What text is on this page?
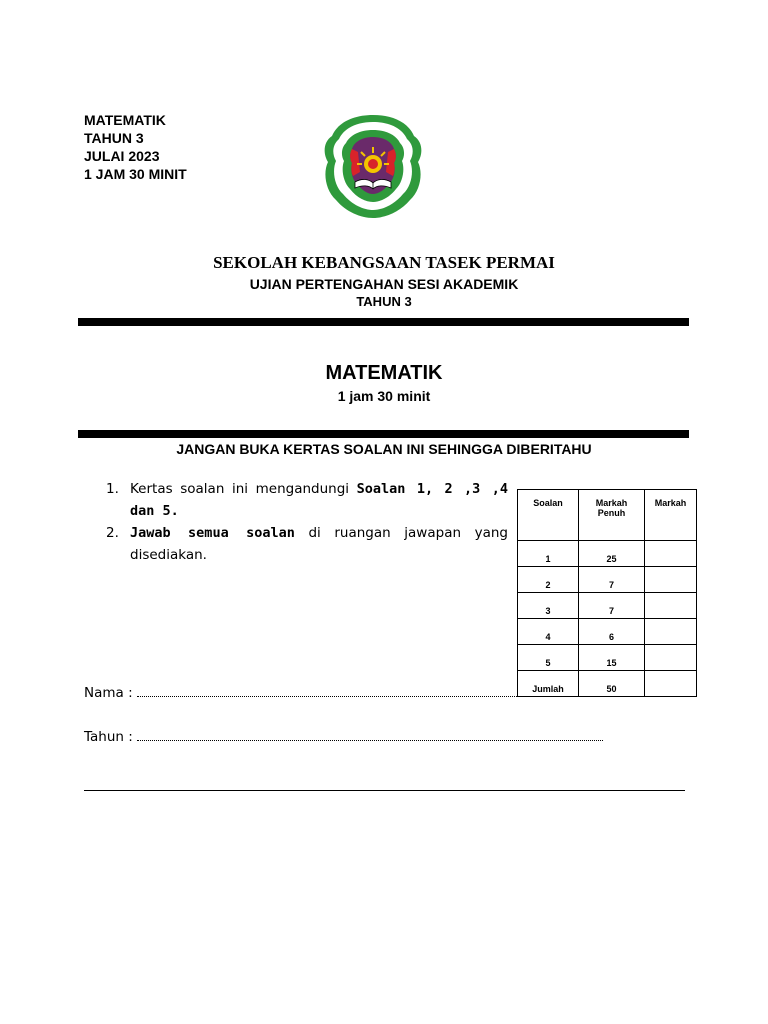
MATEMATIK
TAHUN 3
JULAI 2023
1 JAM 30 MINIT
SEKOLAH KEBANGSAAN TASEK PERMAI
UJIAN PERTENGAHAN SESI AKADEMIK
TAHUN 3
MATEMATIK
1 jam 30 minit
JANGAN BUKA KERTAS SOALAN INI SEHINGGA DIBERITAHU
1. Kertas soalan ini mengandungi Soalan 1, 2 ,3 ,4 dan 5.
2. Jawab semua soalan di ruangan jawapan yang disediakan.
Soalan	Markah Penuh	Markah
1	25	
2	7	
3	7	
4	6	
5	15	
Jumlah	50	
Nama :
Tahun :
